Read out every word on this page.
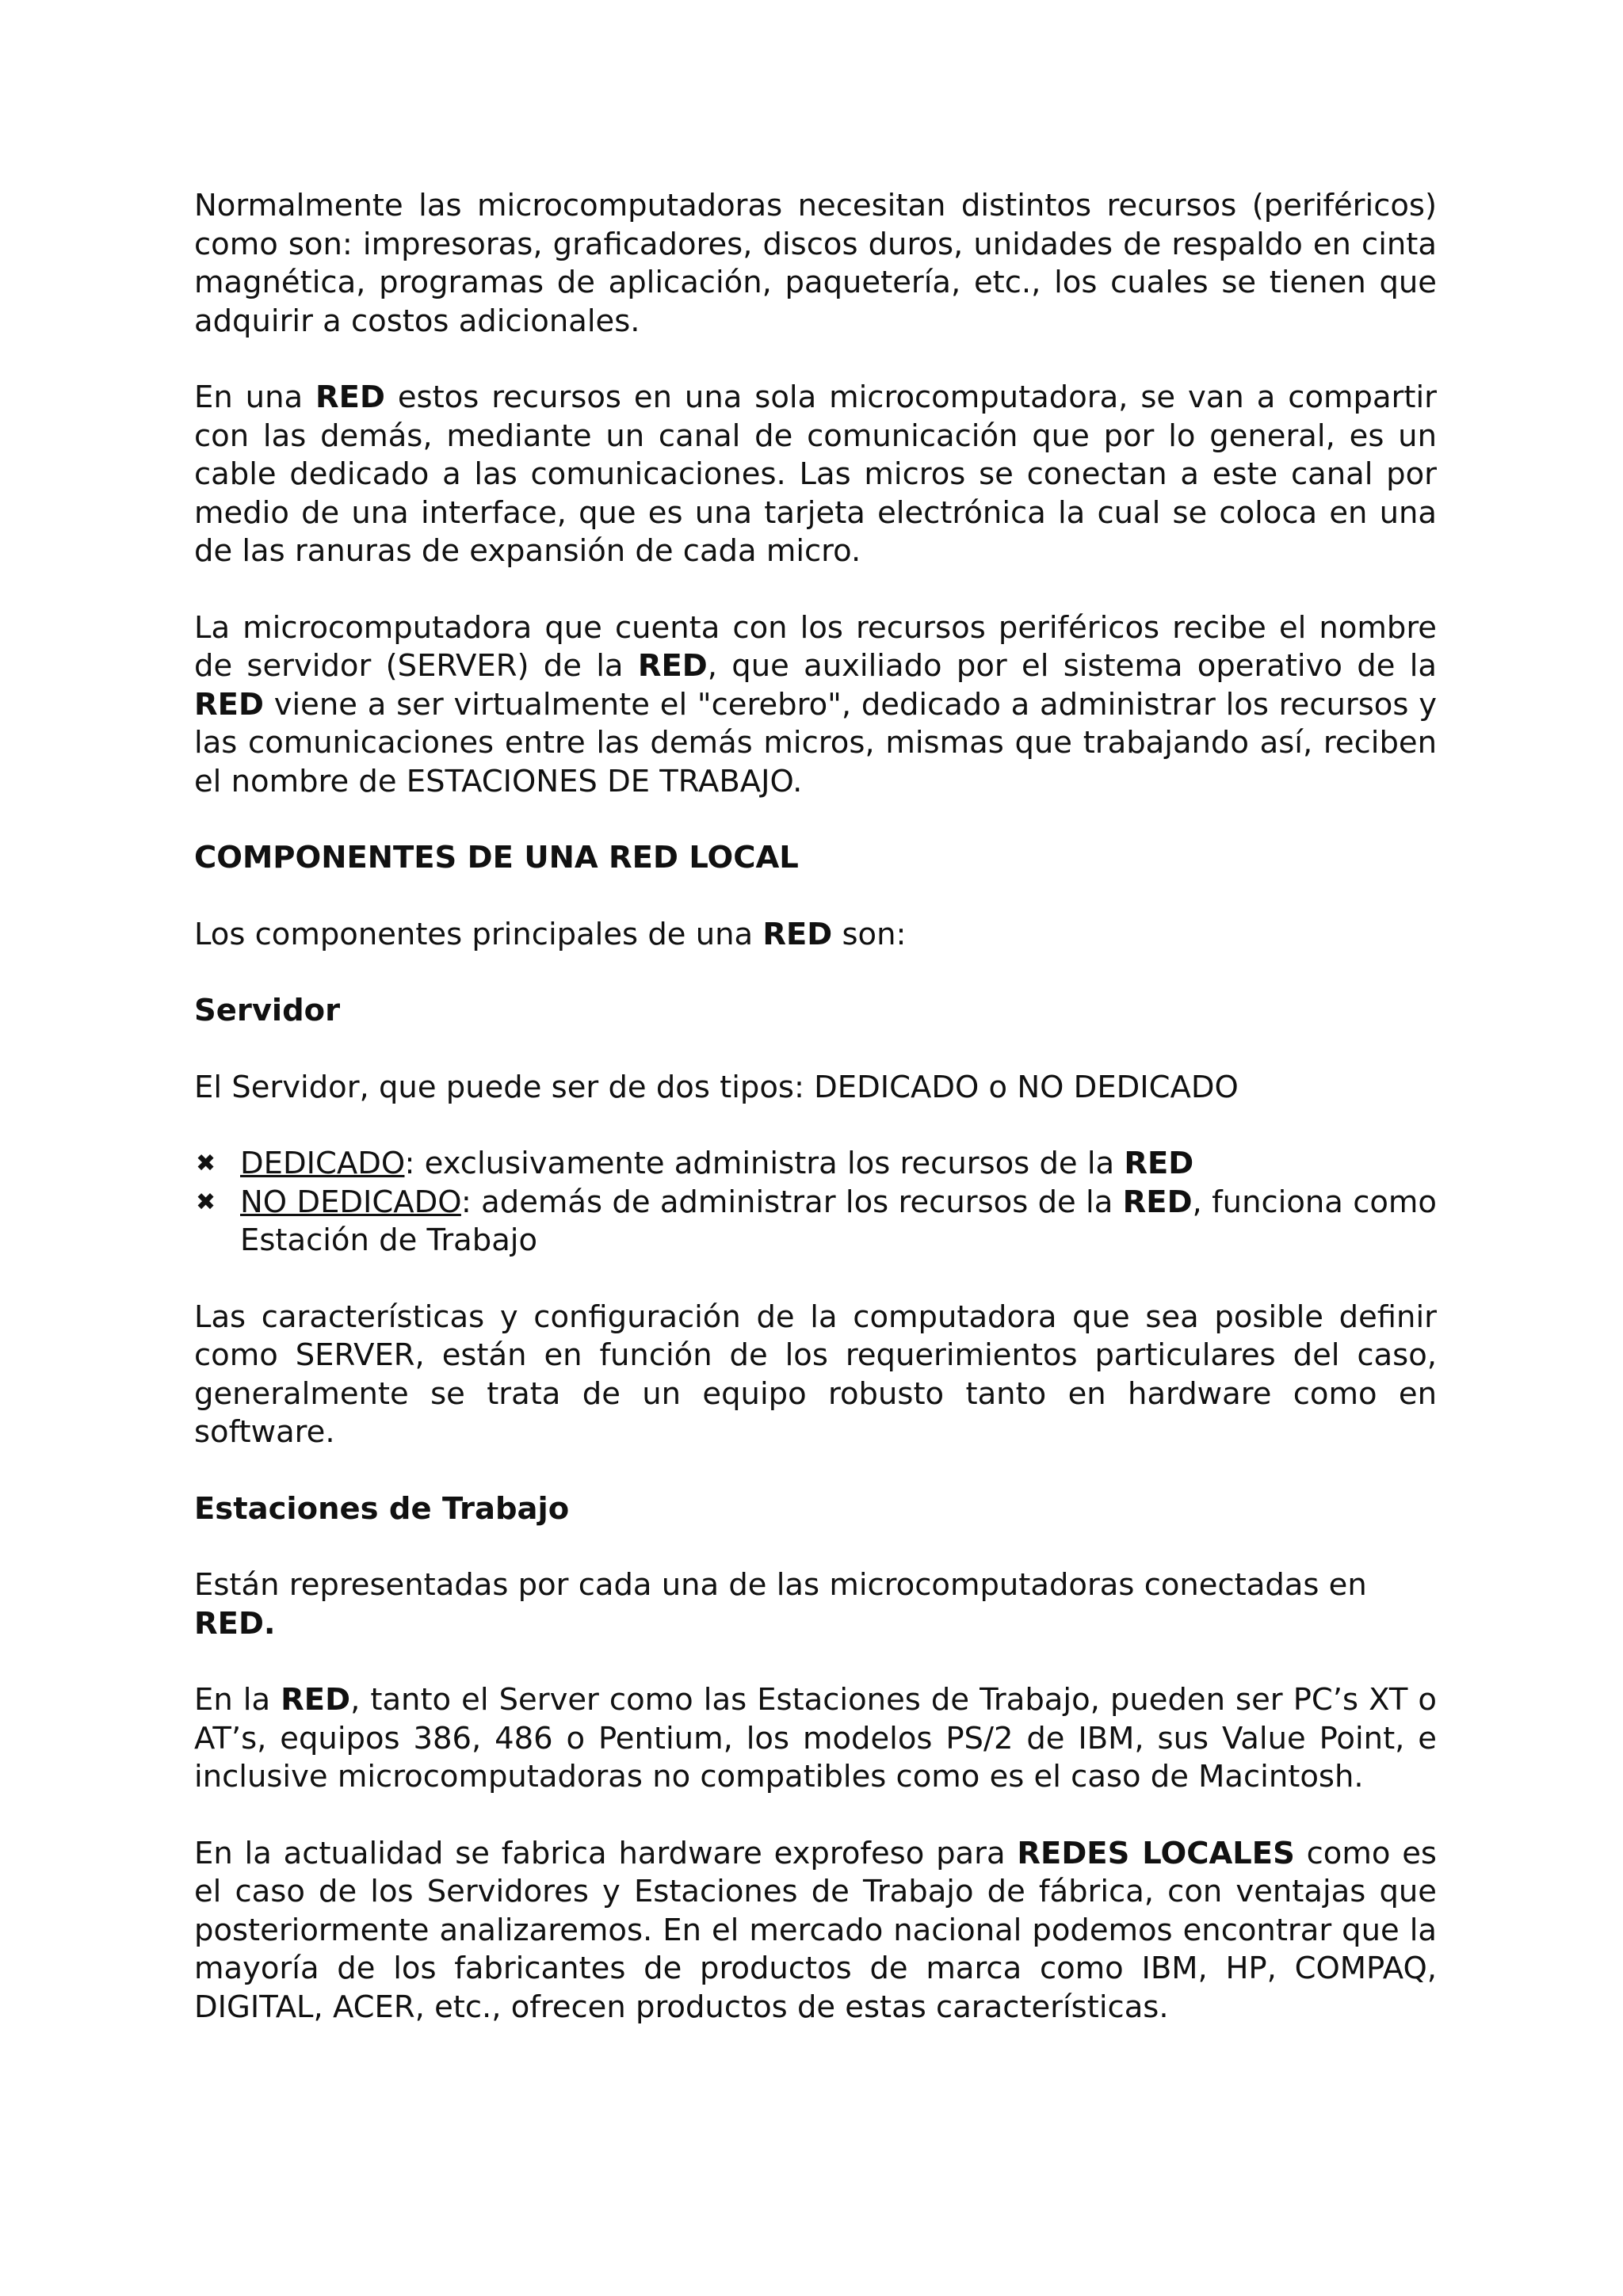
Normalmente las microcomputadoras necesitan distintos recursos (periféricos) como son: impresoras, graficadores, discos duros, unidades de respaldo en cinta magnética, programas de aplicación, paquetería, etc., los cuales se tienen que adquirir a costos adicionales.

En una RED estos recursos en una sola microcomputadora, se van a compartir con las demás, mediante un canal de comunicación que por lo general, es un cable dedicado a las comunicaciones. Las micros se conectan a este canal por medio de una interface, que es una tarjeta electrónica la cual se coloca en una de las ranuras de expansión de cada micro.

La microcomputadora que cuenta con los recursos periféricos recibe el nombre de servidor (SERVER) de la RED, que auxiliado por el sistema operativo de la RED viene a ser virtualmente el "cerebro", dedicado a administrar los recursos y las comunicaciones entre las demás micros, mismas que trabajando así, reciben el nombre de ESTACIONES DE TRABAJO.

COMPONENTES DE UNA RED LOCAL

Los componentes principales de una RED son:

Servidor

El Servidor, que puede ser de dos tipos: DEDICADO o NO DEDICADO

✖ DEDICADO: exclusivamente administra los recursos de la RED
✖ NO DEDICADO: además de administrar los recursos de la RED, funciona como Estación de Trabajo

Las características y configuración de la computadora que sea posible definir como SERVER, están en función de los requerimientos particulares del caso, generalmente se trata de un equipo robusto tanto en hardware como en software.

Estaciones de Trabajo

Están representadas por cada una de las microcomputadoras conectadas en RED.

En la RED, tanto el Server como las Estaciones de Trabajo, pueden ser PC’s XT o AT’s, equipos 386, 486 o Pentium, los modelos PS/2 de IBM, sus Value Point, e inclusive microcomputadoras no compatibles como es el caso de Macintosh.

En la actualidad se fabrica hardware exprofeso para REDES LOCALES como es el caso de los Servidores y Estaciones de Trabajo de fábrica, con ventajas que posteriormente analizaremos. En el mercado nacional podemos encontrar que la mayoría de los fabricantes de productos de marca como IBM, HP, COMPAQ, DIGITAL, ACER, etc., ofrecen productos de estas características.
